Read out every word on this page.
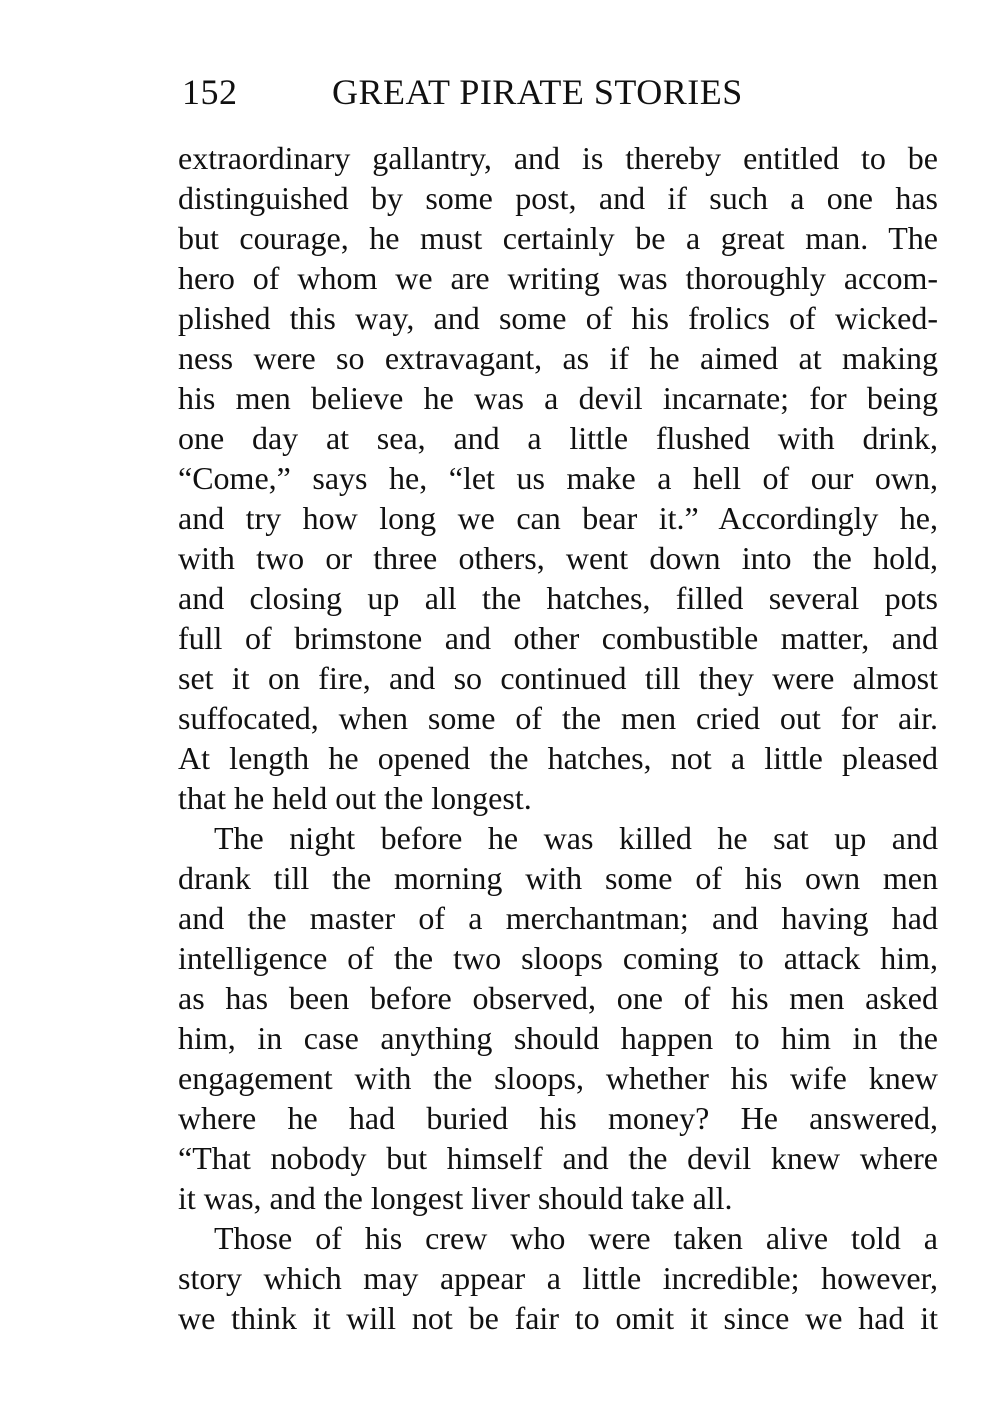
152	GREAT PIRATE STORIES
extraordinary gallantry, and is thereby entitled to be
distinguished by some post, and if such a one has
but courage, he must certainly be a great man. The
hero of whom we are writing was thoroughly accom-
plished this way, and some of his frolics of wicked-
ness were so extravagant, as if he aimed at making
his men believe he was a devil incarnate; for being
one day at sea, and a little flushed with drink,
“Come,” says he, “let us make a hell of our own,
and try how long we can bear it.” Accordingly he,
with two or three others, went down into the hold,
and closing up all the hatches, filled several pots
full of brimstone and other combustible matter, and
set it on fire, and so continued till they were almost
suffocated, when some of the men cried out for air.
At length he opened the hatches, not a little pleased
that he held out the longest.
The night before he was killed he sat up and
drank till the morning with some of his own men
and the master of a merchantman; and having had
intelligence of the two sloops coming to attack him,
as has been before observed, one of his men asked
him, in case anything should happen to him in the
engagement with the sloops, whether his wife knew
where he had buried his money? He answered,
“That nobody but himself and the devil knew where
it was, and the longest liver should take all.
Those of his crew who were taken alive told a
story which may appear a little incredible; however,
we think it will not be fair to omit it since we had it
